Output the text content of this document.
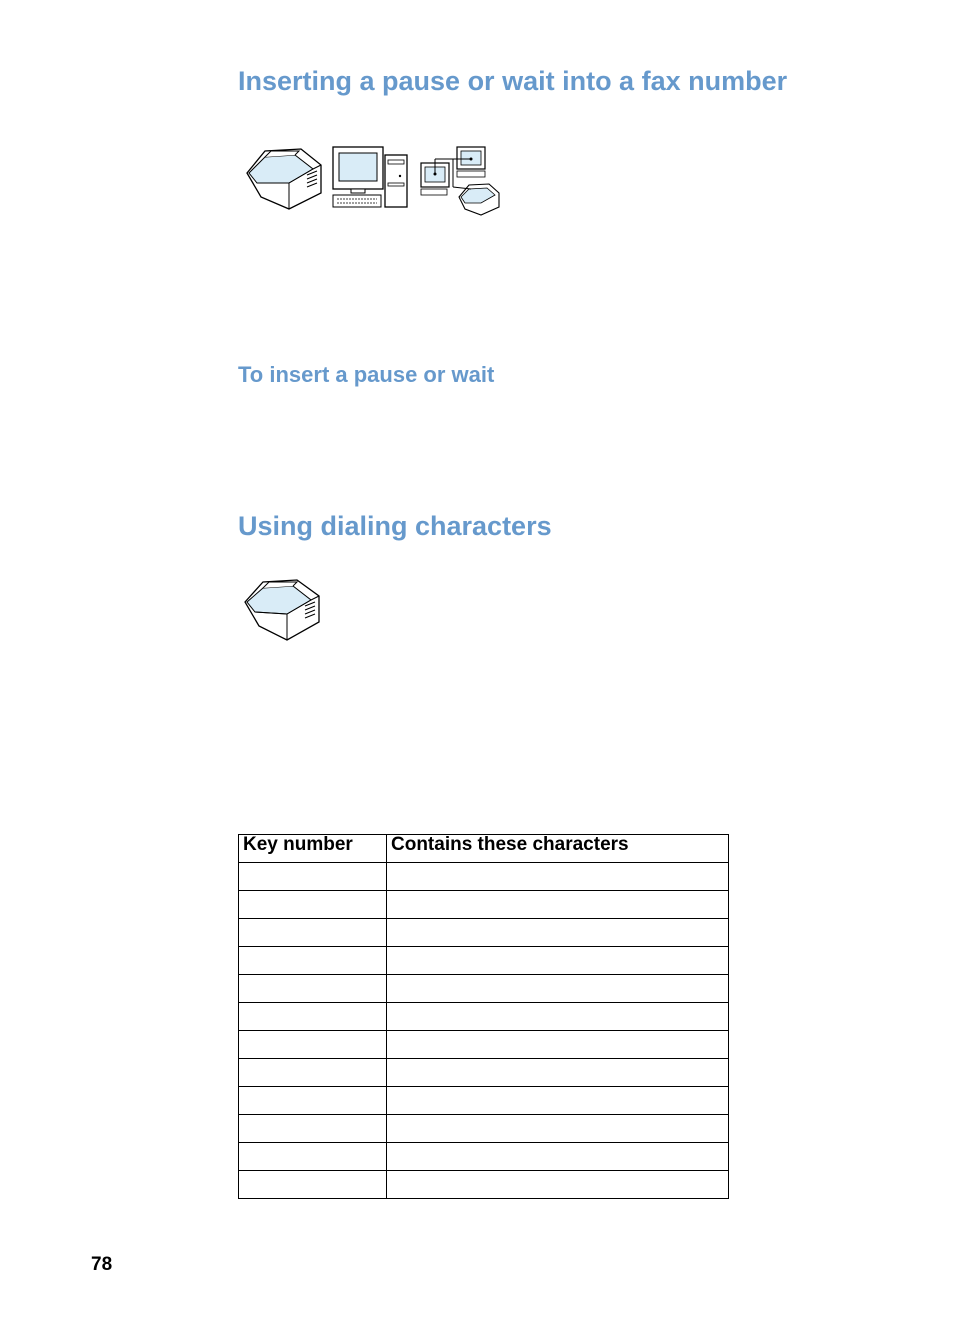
Inserting a pause or wait into a fax number
To insert a pause or wait
Using dialing characters
Key number	Contains these characters

78
